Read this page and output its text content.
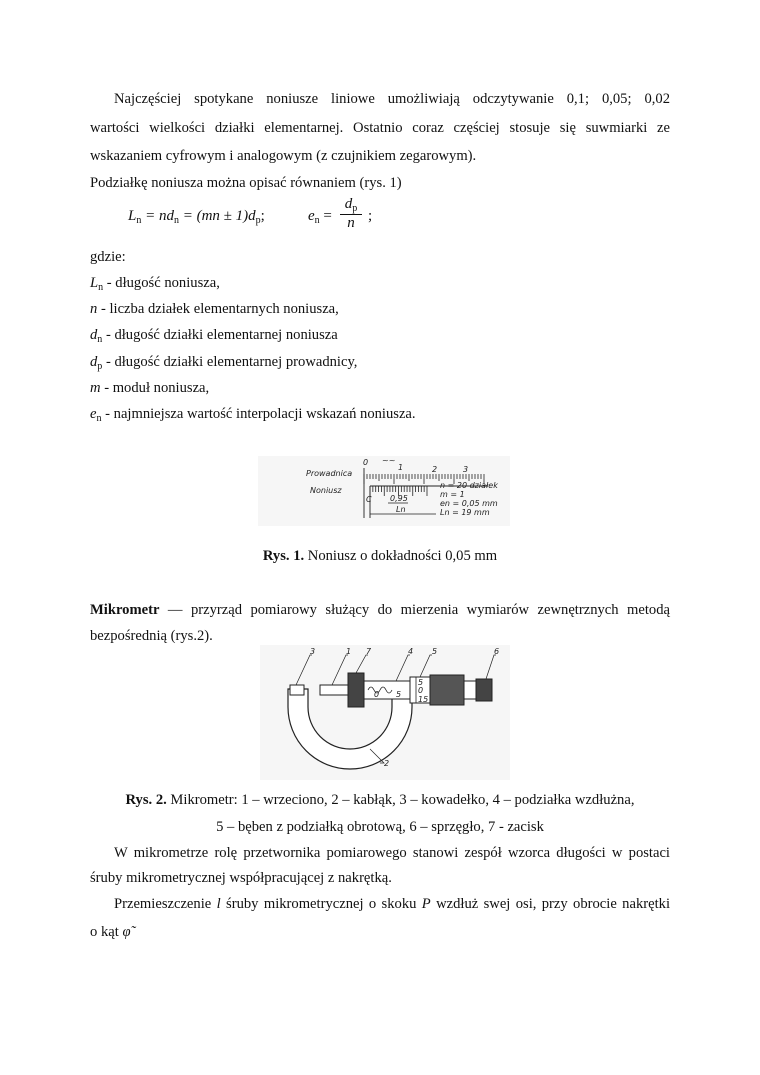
Najczęściej spotykane noniusze liniowe umożliwiają odczytywanie 0,1; 0,05; 0,02
wartości wielkości działki elementarnej. Ostatnio coraz częściej stosuje się suwmiarki ze
wskazaniem cyfrowym i analogowym (z czujnikiem zegarowym).
Podziałkę noniusza można opisać równaniem (rys. 1)
$L_n = nd_n = (mn \pm 1)d_p$;	$e_n = \frac{d_p}{n}$ ;
gdzie:
$L_n$ - długość noniusza,
n - liczba działek elementarnych noniusza,
$d_n$ - długość działki elementarnej noniusza
$d_p$ - długość działki elementarnej prowadnicy,
m - moduł noniusza,
$e_n$ - najmniejsza wartość interpolacji wskazań noniusza.
Prowadnica
Noniusz
0 ~~
1	2	3
C 0,95
Ln
n = 20 działek
m = 1
en = 0,05 mm
Ln = 19 mm
Rys. 1. Noniusz o dokładności 0,05 mm
Mikrometr — przyrząd pomiarowy służący do mierzenia wymiarów zewnętrznych metodą
bezpośrednią (rys.2).
0 5
5
0
15
3	1 7	4 5	6
2
Rys. 2. Mikrometr: 1 – wrzeciono, 2 – kabłąk, 3 – kowadełko, 4 – podziałka wzdłużna,
5 – bęben z podziałką obrotową, 6 – sprzęgło, 7 - zacisk
W mikrometrze rolę przetwornika pomiarowego stanowi zespół wzorca długości w postaci
śruby mikrometrycznej współpracującej z nakrętką.
Przemieszczenie l śruby mikrometrycznej o skoku P wzdłuż swej osi, przy obrocie nakrętki
o kąt φ̃
